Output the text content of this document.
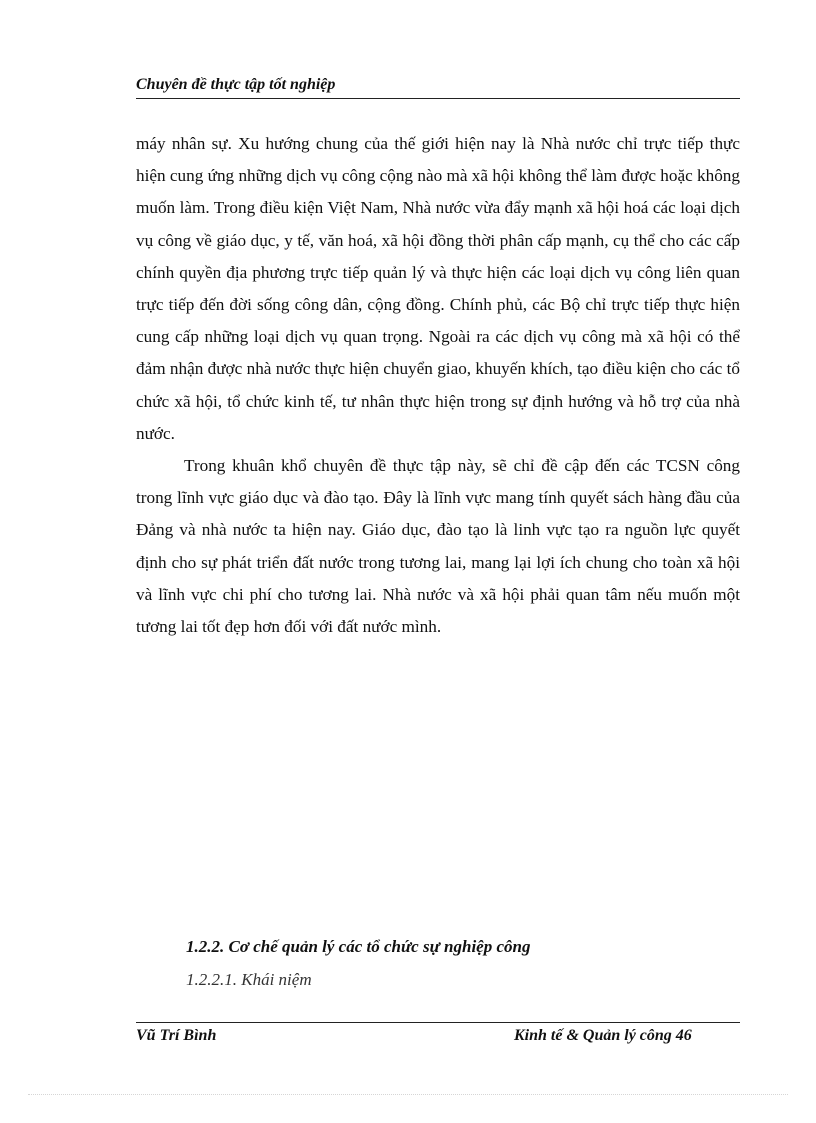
Chuyên đề thực tập tốt nghiệp

máy nhân sự. Xu hướng chung của thế giới hiện nay là Nhà nước chỉ trực tiếp thực hiện cung ứng những dịch vụ công cộng nào mà xã hội không thể làm được hoặc không muốn làm. Trong điều kiện Việt Nam, Nhà nước vừa đẩy mạnh xã hội hoá các loại dịch vụ công về giáo dục, y tế, văn hoá, xã hội đồng thời phân cấp mạnh, cụ thể cho các cấp chính quyền địa phương trực tiếp quản lý và thực hiện các loại dịch vụ công liên quan trực tiếp đến đời sống công dân, cộng đồng. Chính phủ, các Bộ chỉ trực tiếp thực hiện cung cấp những loại dịch vụ quan trọng. Ngoài ra các dịch vụ công mà xã hội có thể đảm nhận được nhà nước thực hiện chuyển giao, khuyến khích, tạo điều kiện cho các tổ chức xã hội, tổ chức kinh tế, tư nhân thực hiện trong sự định hướng và hỗ trợ của nhà nước.

Trong khuân khổ chuyên đề thực tập này, sẽ chỉ đề cập đến các TCSN công trong lĩnh vực giáo dục và đào tạo. Đây là lĩnh vực mang tính quyết sách hàng đầu của Đảng và nhà nước ta hiện nay. Giáo dục, đào tạo là linh vực tạo ra nguồn lực quyết định cho sự phát triển đất nước trong tương lai, mang lại lợi ích chung cho toàn xã hội và lĩnh vực chi phí cho tương lai. Nhà nước và xã hội phải quan tâm nếu muốn một tương lai tốt đẹp hơn đối với đất nước mình.

1.2.2. Cơ chế quản lý các tổ chức sự nghiệp công
1.2.2.1. Khái niệm
Vũ Trí Bình	Kinh tế & Quản lý công 46
